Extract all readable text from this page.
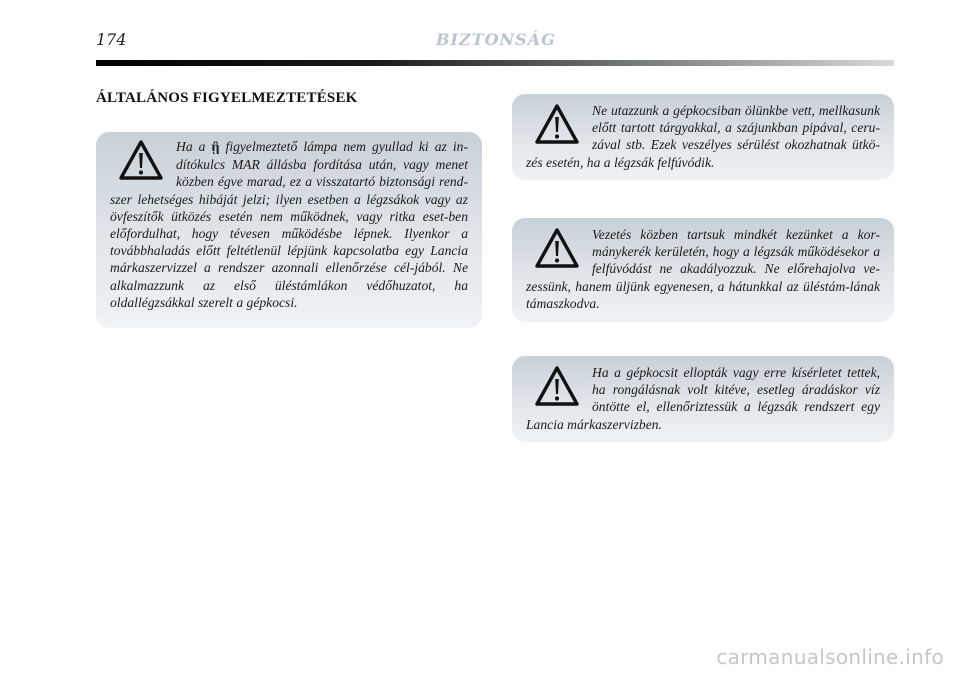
174	BIZTONSÁG
ÁLTALÁNOS FIGYELMEZTETÉSEK
Ha a ᾒ figyelmeztető lámpa nem gyullad ki az in-dítókulcs MAR állásba fordítása után, vagy menet közben égve marad, ez a visszatartó biztonsági rend-szer lehetséges hibáját jelzi; ilyen esetben a légzsákok vagy az övfeszítők ütközés esetén nem működnek, vagy ritka eset-ben előfordulhat, hogy tévesen működésbe lépnek. Ilyenkor a továbbhaladás előtt feltétlenül lépjünk kapcsolatba egy Lancia márkaszervizzel a rendszer azonnali ellenőrzése cél-jából. Ne alkalmazzunk az első üléstámlákon védőhuzatot, ha oldallégzsákkal szerelt a gépkocsi.
Ne utazzunk a gépkocsiban ölünkbe vett, mellkasunk előtt tartott tárgyakkal, a szájunkban pipával, ceru-zával stb. Ezek veszélyes sérülést okozhatnak ütkö-zés esetén, ha a légzsák felfúvódik.
Vezetés közben tartsuk mindkét kezünket a kor-mánykerék kerületén, hogy a légzsák működésekor a felfúvódást ne akadályozzuk. Ne előrehajolva ve-zessünk, hanem üljünk egyenesen, a hátunkkal az üléstám-lának támaszkodva.
Ha a gépkocsit ellopták vagy erre kísérletet tettek, ha rongálásnak volt kitéve, esetleg áradáskor víz öntötte el, ellenőriztessük a légzsák rendszert egy Lancia márkaszervizben.
carmanualsonline.info
